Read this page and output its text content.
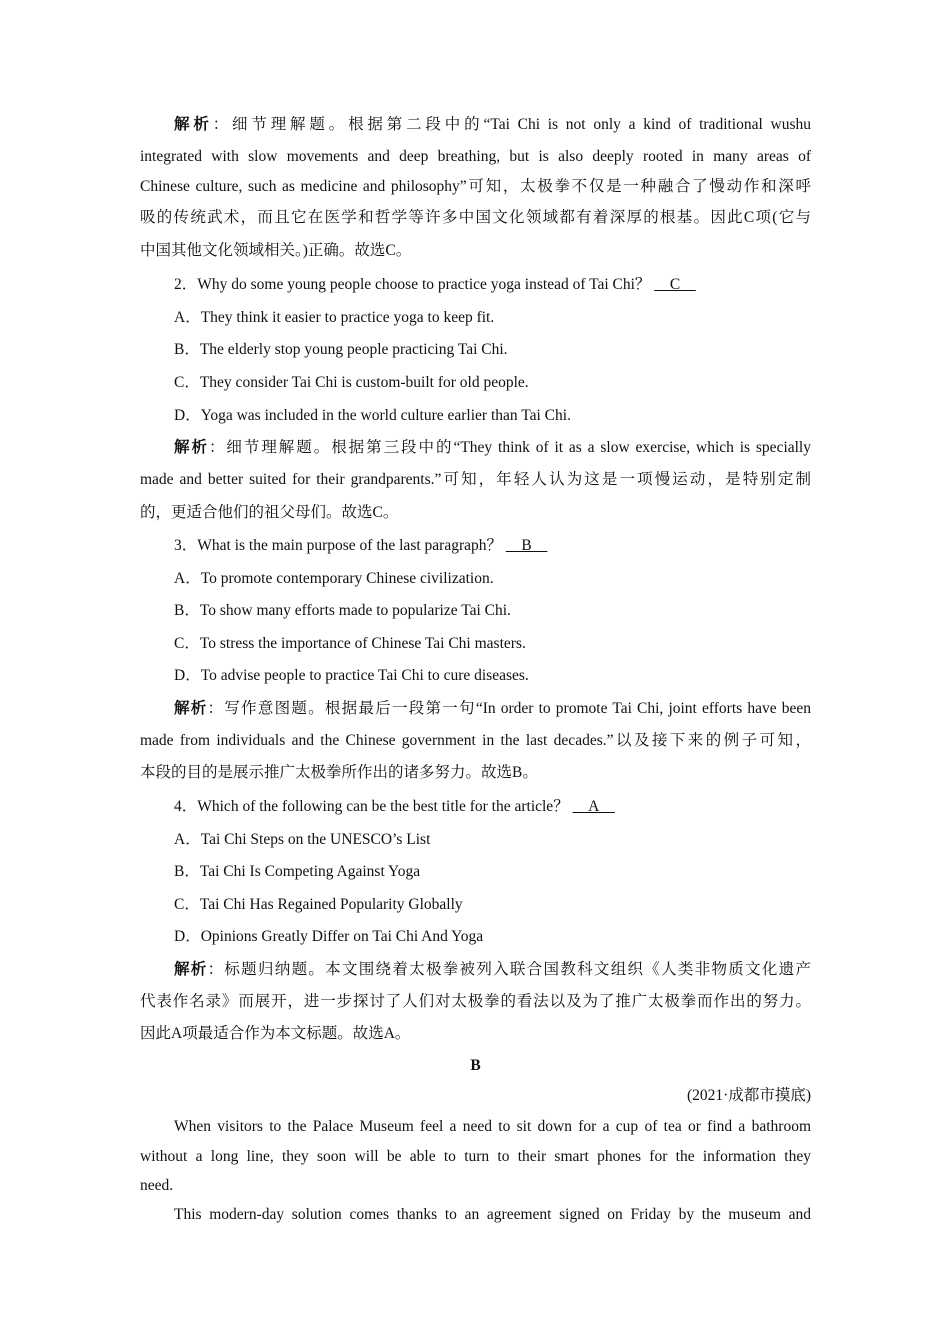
解析：细节理解题。根据第二段中的“Tai Chi is not only a kind of traditional wushu
integrated with slow movements and deep breathing, but is also deeply rooted in many areas of
Chinese culture, such as medicine and philosophy”可知，太极拳不仅是一种融合了慢动作和深呼
吸的传统武术，而且它在医学和哲学等许多中国文化领域都有着深厚的根基。因此C项(它与
中国其他文化领域相关。)正确。故选C。
2．Why do some young people choose to practice yoga instead of Tai Chi？ __C__
A．They think it easier to practice yoga to keep fit.
B．The elderly stop young people practicing Tai Chi.
C．They consider Tai Chi is custom-built for old people.
D．Yoga was included in the world culture earlier than Tai Chi.
解析：细节理解题。根据第三段中的“They think of it as a slow exercise, which is specially
made and better suited for their grandparents.”可知，年轻人认为这是一项慢运动，是特别定制
的，更适合他们的祖父母们。故选C。
3．What is the main purpose of the last paragraph？ __B__
A．To promote contemporary Chinese civilization.
B．To show many efforts made to popularize Tai Chi.
C．To stress the importance of Chinese Tai Chi masters.
D．To advise people to practice Tai Chi to cure diseases.
解析：写作意图题。根据最后一段第一句“In order to promote Tai Chi, joint efforts have been
made from individuals and the Chinese government in the last decades.”以及接下来的例子可知，
本段的目的是展示推广太极拳所作出的诸多努力。故选B。
4．Which of the following can be the best title for the article？ __A__
A．Tai Chi Steps on the UNESCO’s List
B．Tai Chi Is Competing Against Yoga
C．Tai Chi Has Regained Popularity Globally
D．Opinions Greatly Differ on Tai Chi And Yoga
解析：标题归纳题。本文围绕着太极拳被列入联合国教科文组织《人类非物质文化遗产
代表作名录》而展开，进一步探讨了人们对太极拳的看法以及为了推广太极拳而作出的努力。
因此A项最适合作为本文标题。故选A。
B
(2021·成都市摸底)
When visitors to the Palace Museum feel a need to sit down for a cup of tea or find a bathroom
without a long line, they soon will be able to turn to their smart phones for the information they
need.
This modern-day solution comes thanks to an agreement signed on Friday by the museum and
